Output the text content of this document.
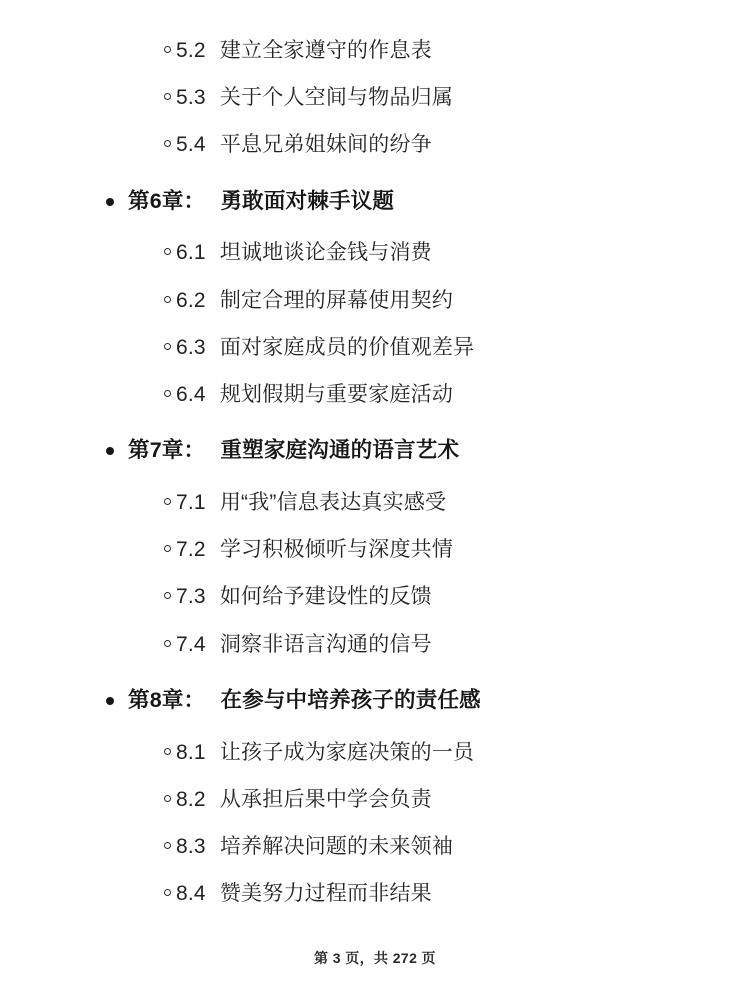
5.2 建立全家遵守的作息表
5.3 关于个人空间与物品归属
5.4 平息兄弟姐妹间的纷争
第6章： 勇敢面对棘手议题
6.1 坦诚地谈论金钱与消费
6.2 制定合理的屏幕使用契约
6.3 面对家庭成员的价值观差异
6.4 规划假期与重要家庭活动
第7章： 重塑家庭沟通的语言艺术
7.1 用“我”信息表达真实感受
7.2 学习积极倾听与深度共情
7.3 如何给予建设性的反馈
7.4 洞察非语言沟通的信号
第8章： 在参与中培养孩子的责任感
8.1 让孩子成为家庭决策的一员
8.2 从承担后果中学会负责
8.3 培养解决问题的未来领袖
8.4 赞美努力过程而非结果
第 3 页，共 272 页
